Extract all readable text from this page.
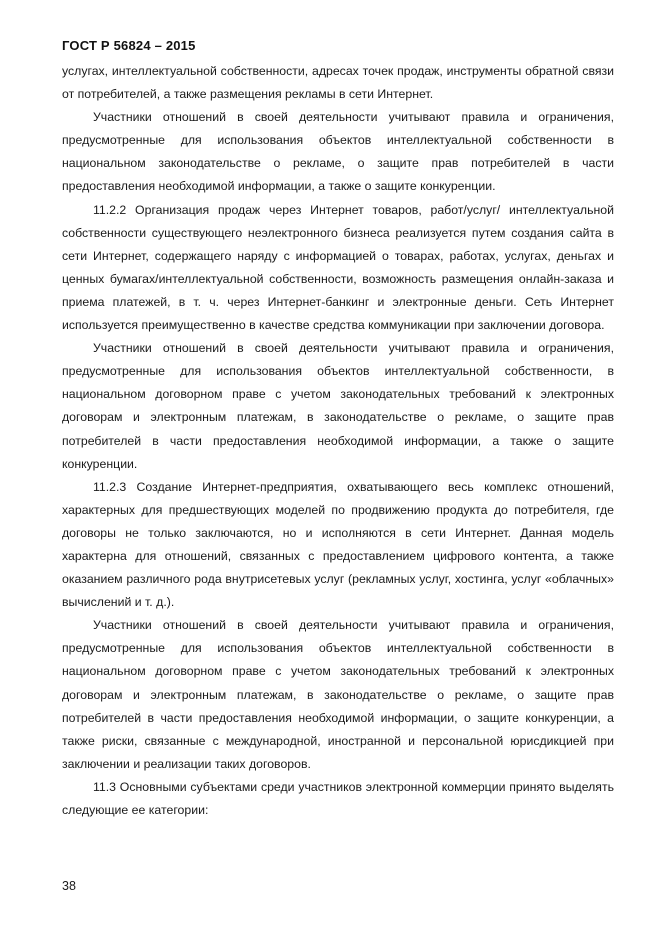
ГОСТ Р 56824 – 2015

услугах, интеллектуальной собственности, адресах точек продаж, инструменты обратной связи от потребителей, а также размещения рекламы в сети Интернет.

Участники отношений в своей деятельности учитывают правила и ограничения, предусмотренные для использования объектов интеллектуальной собственности в национальном законодательстве о рекламе, о защите прав потребителей в части предоставления необходимой информации, а также о защите конкуренции.

11.2.2 Организация продаж через Интернет товаров, работ/услуг/ интеллектуальной собственности существующего неэлектронного бизнеса реализуется путем создания сайта в сети Интернет, содержащего наряду с информацией о товарах, работах, услугах, деньгах и ценных бумагах/интеллектуальной собственности, возможность размещения онлайн-заказа и приема платежей, в т. ч. через Интернет-банкинг и электронные деньги. Сеть Интернет используется преимущественно в качестве средства коммуникации при заключении договора.

Участники отношений в своей деятельности учитывают правила и ограничения, предусмотренные для использования объектов интеллектуальной собственности, в национальном договорном праве с учетом законодательных требований к электронных договорам и электронным платежам, в законодательстве о рекламе, о защите прав потребителей в части предоставления необходимой информации, а также о защите конкуренции.

11.2.3 Создание Интернет-предприятия, охватывающего весь комплекс отношений, характерных для предшествующих моделей по продвижению продукта до потребителя, где договоры не только заключаются, но и исполняются в сети Интернет. Данная модель характерна для отношений, связанных с предоставлением цифрового контента, а также оказанием различного рода внутрисетевых услуг (рекламных услуг, хостинга, услуг «облачных» вычислений и т. д.).

Участники отношений в своей деятельности учитывают правила и ограничения, предусмотренные для использования объектов интеллектуальной собственности в национальном договорном праве с учетом законодательных требований к электронных договорам и электронным платежам, в законодательстве о рекламе, о защите прав потребителей в части предоставления необходимой информации, о защите конкуренции, а также риски, связанные с международной, иностранной и персональной юрисдикцией при заключении и реализации таких договоров.

11.3 Основными субъектами среди участников электронной коммерции принято выделять следующие ее категории:

38
